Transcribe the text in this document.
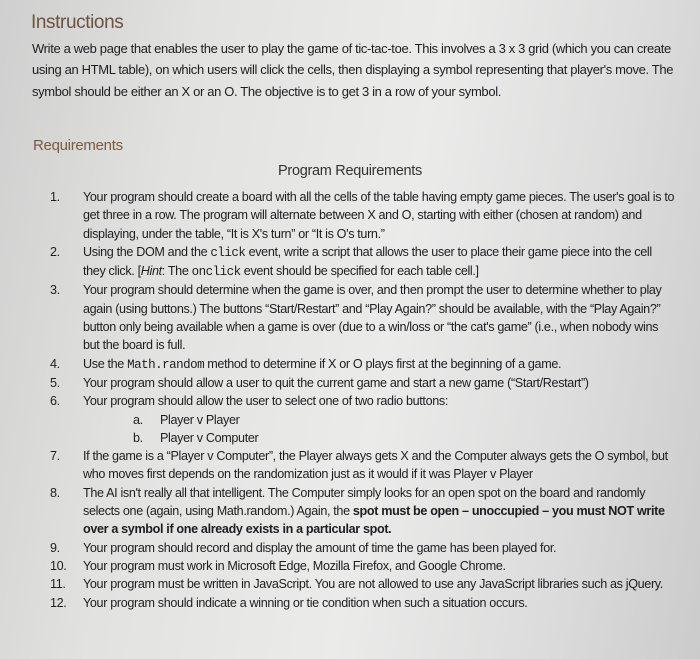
Instructions
Write a web page that enables the user to play the game of tic-tac-toe. This involves a 3 x 3 grid (which you can create using an HTML table), on which users will click the cells, then displaying a symbol representing that player's move. The symbol should be either an X or an O. The objective is to get 3 in a row of your symbol.
Requirements
Program Requirements
1.	Your program should create a board with all the cells of the table having empty game pieces. The user's goal is to get three in a row. The program will alternate between X and O, starting with either (chosen at random) and displaying, under the table, “It is X's turn” or “It is O's turn.”
2.	Using the DOM and the click event, write a script that allows the user to place their game piece into the cell they click. [Hint: The onclick event should be specified for each table cell.]
3.	Your program should determine when the game is over, and then prompt the user to determine whether to play again (using buttons.) The buttons “Start/Restart” and “Play Again?” should be available, with the “Play Again?” button only being available when a game is over (due to a win/loss or “the cat's game” (i.e., when nobody wins but the board is full.
4.	Use the Math.random method to determine if X or O plays first at the beginning of a game.
5.	Your program should allow a user to quit the current game and start a new game (“Start/Restart”)
6.	Your program should allow the user to select one of two radio buttons:
a.	Player v Player
b.	Player v Computer
7.	If the game is a “Player v Computer”, the Player always gets X and the Computer always gets the O symbol, but who moves first depends on the randomization just as it would if it was Player v Player
8.	The AI isn't really all that intelligent. The Computer simply looks for an open spot on the board and randomly selects one (again, using Math.random.) Again, the spot must be open – unoccupied – you must NOT write over a symbol if one already exists in a particular spot.
9.	Your program should record and display the amount of time the game has been played for.
10.	Your program must work in Microsoft Edge, Mozilla Firefox, and Google Chrome.
11.	Your program must be written in JavaScript. You are not allowed to use any JavaScript libraries such as jQuery.
12.	Your program should indicate a winning or tie condition when such a situation occurs.
